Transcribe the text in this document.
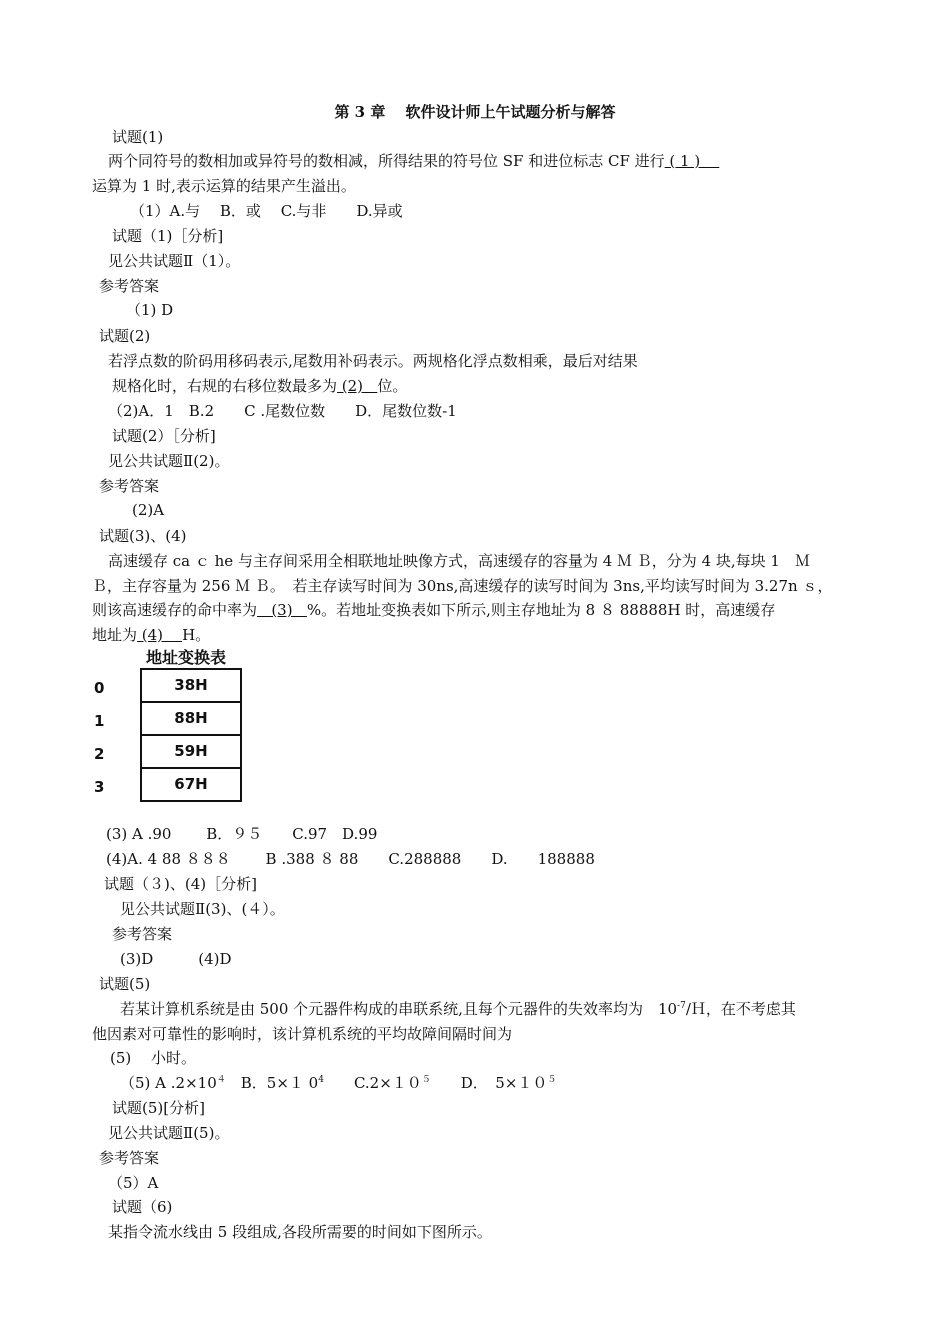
第 3 章　 软件设计师上午试题分析与解答
试题(1)
两个同符号的数相加或异符号的数相减，所得结果的符号位 SF 和进位标志 CF 进行 ( 1 )
运算为 1 时,表示运算的结果产生溢出。
（1）A.与　 B．或　 C.与非　　D.异或
试题（1)［分析]
见公共试题Ⅱ（1）。
参考答案
（1) D
试题(2)
若浮点数的阶码用移码表示,尾数用补码表示。两规格化浮点数相乘，最后对结果
规格化时，右规的右移位数最多为 (2)   位。
（2)A．1　B.2　　C .尾数位数　　D．尾数位数-1
试题(2）［分析]
见公共试题Ⅱ(2)。
参考答案
(2)A
试题(3)、(4)
高速缓存 ca ｃ he 与主存间采用全相联地址映像方式，高速缓存的容量为 4 Ｍ Ｂ，分为 4 块,每块 1　Ｍ
Ｂ，主存容量为 256 Ｍ Ｂ。　若主存读写时间为 30ns,高速缓存的读写时间为 3ns,平均读写时间为 3.27n ｓ，
则该高速缓存的命中率为   (3)   %。若地址变换表如下所示,则主存地址为 8 ８ 88888H 时，高速缓存
地址为 (4)    H。
地址变换表
0
1
2
3
38H
88H
59H
67H
(3) A .90　　 B．９５　　C.97　D.99
(4)A. 4 88 ８８８　　 B .388 ８ 88　　C.288888　　D.　　188888
试题（３)、(4)［分析]
见公共试题Ⅱ(3)、(４）。
参考答案
(3)D　　　(4)D
试题(5)
若某计算机系统是由 500 个元器件构成的串联系统,且每个元器件的失效率均为　$10^{-7}/H$，在不考虑其
他因素对可靠性的影响时，该计算机系统的平均故障间隔时间为
(5)　 小时。
（5) A $.2\times 10^4$　B．5×１ $0^4$　　$C.2\times 10^5$　　D．　$5\times 10^5$
试题(5)[分析]
见公共试题Ⅱ(5)。
参考答案
（5）A
试题（6)
某指令流水线由 5 段组成,各段所需要的时间如下图所示。
